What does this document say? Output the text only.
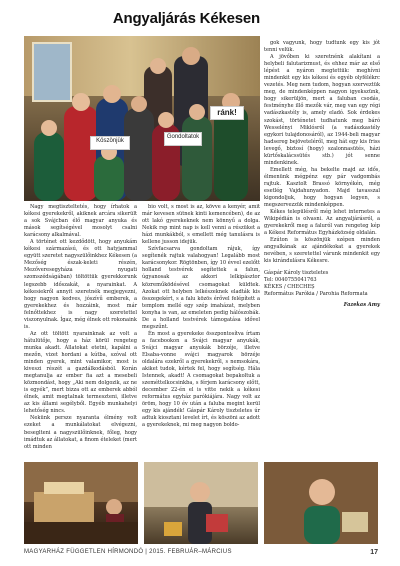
Angyaljárás Kékesen
ránk!
Köszönjük
Gondoltatok

Nagy megtiszteltetés, hogy írhatok a kékesi gyerekekről, akiknek arcára sikerült a sok Svájcban élő magyar anyuka és mások segítségével mosolyt csalni karácsony alkalmával.

A történet ott kezdődött, hogy anyukám kékesi származású, és ott hatyjammal együtt szeretet nagyszülőinkhez Kékesen (a Mezőség észak-keleti részén, Mezőveresegyháza nyugati szomszédságában) töltöttük gyerekkorunk legszebb időszakát, a nyarainkat. A kékesiekről annyit szeretnék megjegyezni, hogy nagyon kedves, jószívű emberek, a gyerekekhez és hozzáink, most már felnőttekhez is nagy szeretettel viszonyulnak. Ígaz, még élnek ott rokonaink is.

Az ott töltött nyarainknak az volt a hátulütője, hogy a ház körül rengeteg munka akadt. Állatokat etetni, kapálni a mezőn, vizet hordani a kútba, szóval ott minden gyerek, mint valamikor, most is kiveszi részét a gazdálkodásból. Korán megtanulja az ember fia azt a mesebeli közmondást, hogy „Aki nem dolgozik, az ne is egyék”, mert bizza ott az emberek abból élnek, amit megtalnak termeszteni, illetve az kis állami segélyből. Egyéb munkahelyi lehetőség nincs.

Nekünk persze nyaranta élmény volt ezeket a munkálatokat elvégezni, beseglteni a nagyszülőinknek, főleg, hogy imádtuk az állatokat, a finom ételeket (mert ott minden

bio volt, s most is az, kövve a kenyér, amit már kevesen sütnek kinti kemencében), de az ott lakó gyerekeknek nem könnyű a dolga. Nekik rsp mint nap is kell venni a részüket a házi munkákból, s emellett még tanulásra is kellene jusson idejük.

Szívfacsarva gondoltam rájuk, így segítenék rajtuk valahogyan! Legalább most karácsonykor. Rögtönben, így 10 évvel ezelőtt holland testvérek segítettek a falun, úgyanosak az akkori lelkipásztor közreműködésével csomagokat küldtek. Azokat ott helyben lelkészeknek eladták kis összegekért, s a falu közös érővel felépített a templom mellé egy szép imaházat, melyben konyha is van, az emeleten pedig hálószobák. De a holland testvérek támogatása idővel megszűnt.

Én most a gyerekeke összpontosítva írtam a facebookon a Svájci magyar anyukák, Svájci magyar anyukák börzéje, illetve Elsaba-vonne svájci magyarok börzéje oldalára ezekről a gyerekekről, s nemsokára, akiket tudok, kértek fel, hogy segítség. Hála Istennek, akadt! A csomagokat bepakoltuk a szeméttelkocsinkba, s férjem karácsony előtt, december 22-én el is vitte nekik a kékesi református egyház parókiájára. Nagy volt az öröm, hogy 10 év után a faluba megint kerül egy kis ajándék! Gáspár Károly tiszteletes úr adtuk kiosztani levelet írt, és köszöni az adott a gyerekeknek, mi meg nagyon boldo-

gok vagyunk, hogy tudtunk egy kis jót tenni velük.

A jövőben ki szeretnénk alakítani a helybeli falutarizmust, és ehhez már az első lépést a nyáron megtettük: meghívni mindenkit egy kis kékesi és egyéb olyfélékrc vezetés. Meg nem tudom, hogyan szerveztük meg, de mindenképpen nagyon igyekszünk, hogy sikerüljön, mert a faluban csodás, festményhe illő mezők vár, meg van egy régi vadászkastély is, amely eladó. Sok érdekes szokást, történetet tudhatunk meg báró Wesselényi Miklósról (a vadászkastély egykori tulajdonosáról), az 1944-beli magyar hadsereg bejöveteléről, meg hát egy kis friss levegő, biztosí (hogy) szalonnasütés, házi kürtőskalácssütés stb.) jót senne mindenkinek.

Emellett még, ha bekelte majd az idős, élmenünk mégpénz egy pár vadgombás rajtuk. Kasztolt Brassó környékén, még esetlég Vajdahunyadon. Majd tavasszal kigondoljuk, hogy hogyan legyen, s megszervezzük mindenképpen.

Kékes településről még lehet internetes a Wikipédián is olvasni. Az angyaljárásról, a gyerekekről meg a faluról van rengeteg kép a Kékesi Református Egyházközség oldalán.

Ezúton is köszönjük szépen minden angyalkának az ajándékokat a gyerekek nevében, s szeretettel várunk mindenkit egy kis kirándulásra Kékesre.

Gáspár Károly tiszteletes

Tel: 0040755041763

KÉKES / CHECHEȘ

Református Parókia / Parohia Reformata

Fazekas Amy

MAGYARHÁZ FÜGGETLEN HÍRMONDÓ | 2015. FEBRUÁR–MÁRCIUS	17
